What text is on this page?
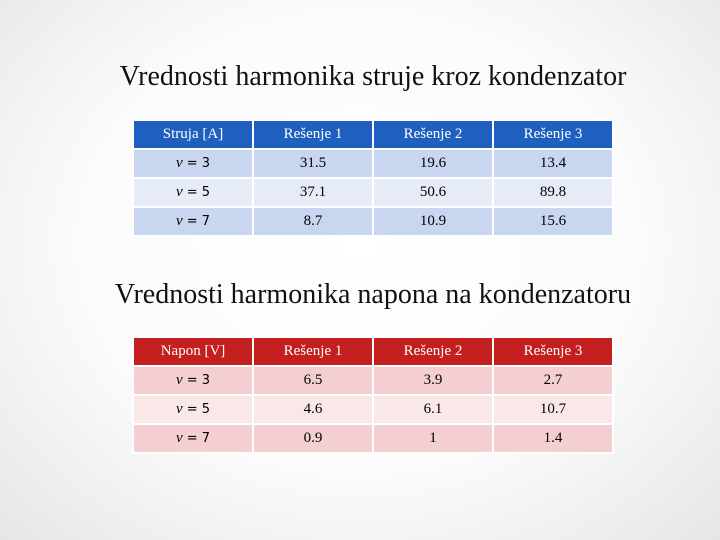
Vrednosti harmonika struje kroz kondenzator
Struja [A]	Rešenje 1	Rešenje 2	Rešenje 3
ν = 3	31.5	19.6	13.4
ν = 5	37.1	50.6	89.8
ν = 7	8.7	10.9	15.6
Vrednosti harmonika napona na kondenzatoru
Napon [V]	Rešenje 1	Rešenje 2	Rešenje 3
ν = 3	6.5	3.9	2.7
ν = 5	4.6	6.1	10.7
ν = 7	0.9	1	1.4
